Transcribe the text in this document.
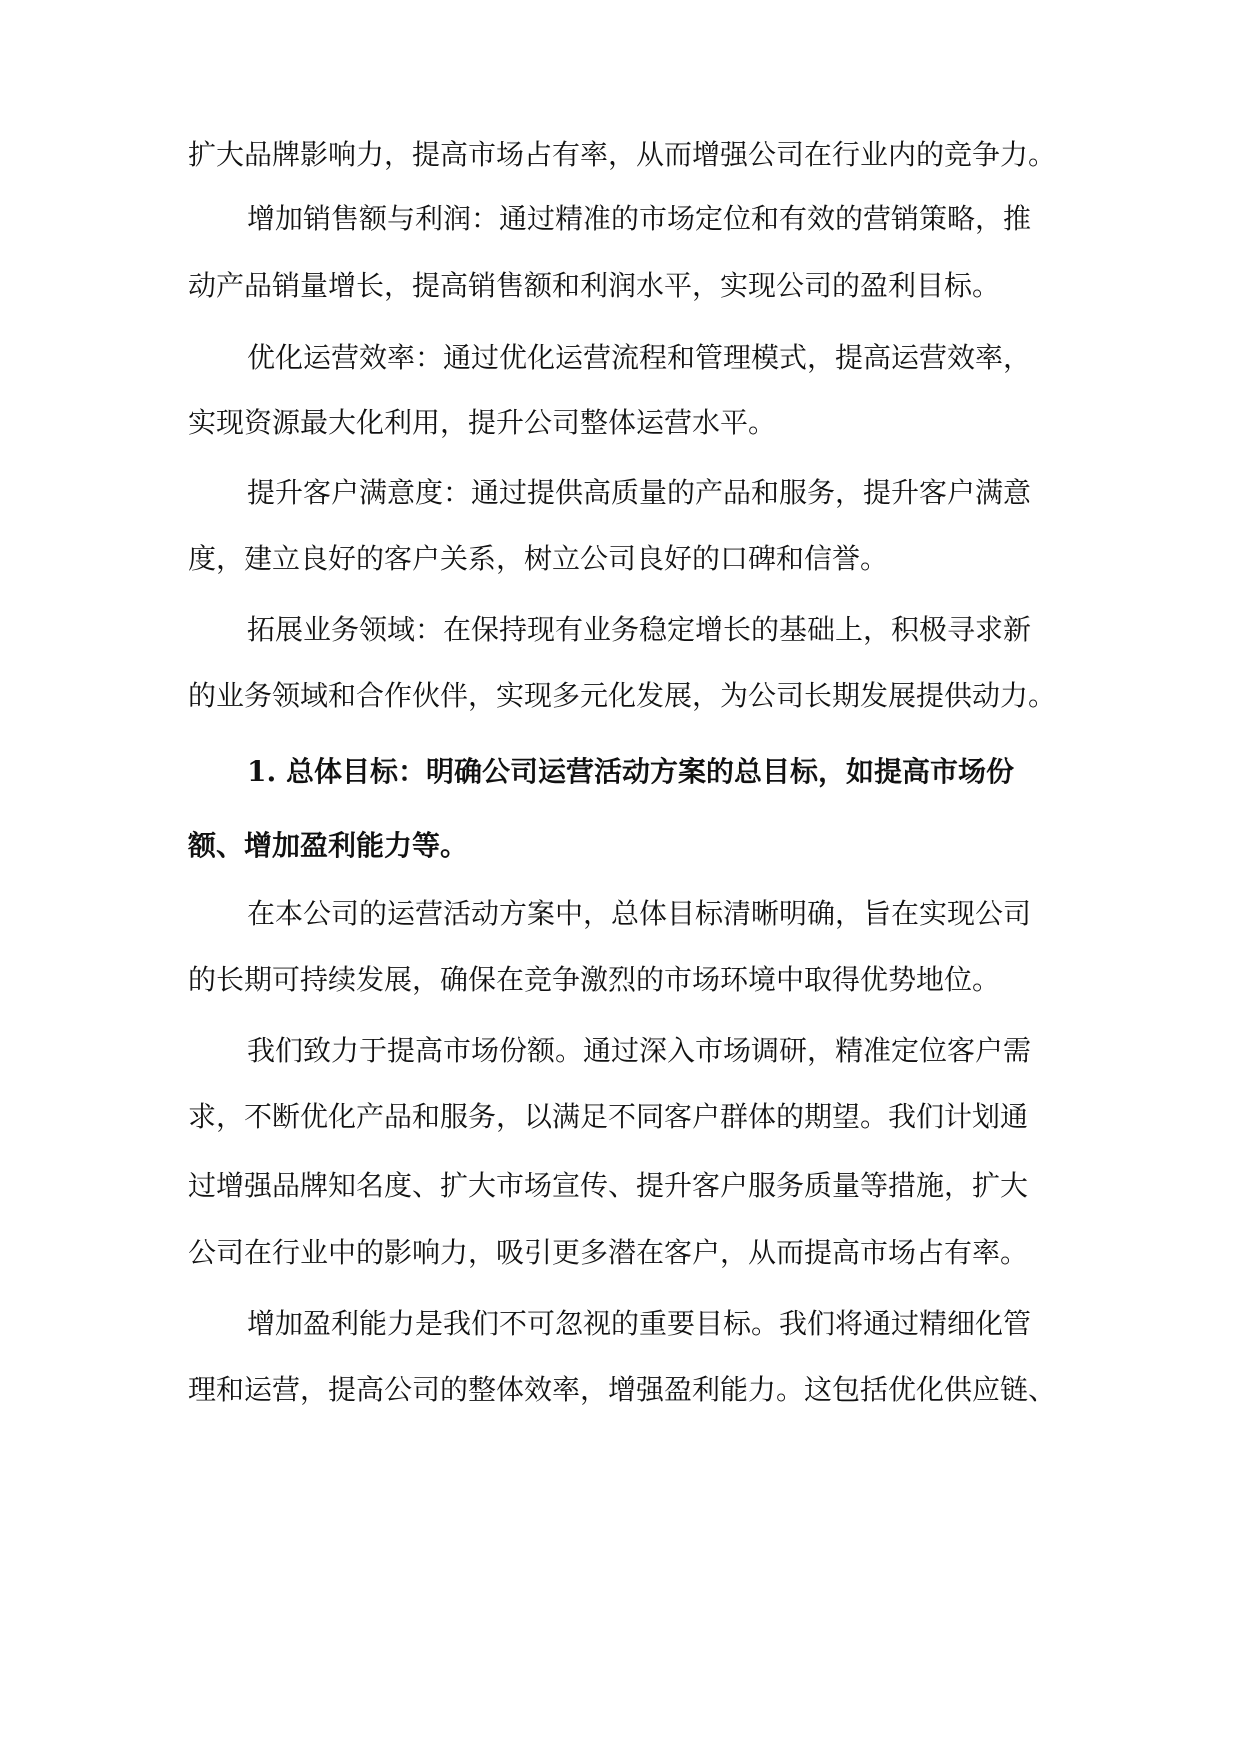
扩大品牌影响力，提高市场占有率，从而增强公司在行业内的竞争力。

增加销售额与利润：通过精准的市场定位和有效的营销策略，推

动产品销量增长，提高销售额和利润水平，实现公司的盈利目标。

优化运营效率：通过优化运营流程和管理模式，提高运营效率，

实现资源最大化利用，提升公司整体运营水平。

提升客户满意度：通过提供高质量的产品和服务，提升客户满意

度，建立良好的客户关系，树立公司良好的口碑和信誉。

拓展业务领域：在保持现有业务稳定增长的基础上，积极寻求新

的业务领域和合作伙伴，实现多元化发展，为公司长期发展提供动力。

1. 总体目标：明确公司运营活动方案的总目标，如提高市场份

额、增加盈利能力等。

在本公司的运营活动方案中，总体目标清晰明确，旨在实现公司

的长期可持续发展，确保在竞争激烈的市场环境中取得优势地位。

我们致力于提高市场份额。通过深入市场调研，精准定位客户需

求，不断优化产品和服务，以满足不同客户群体的期望。我们计划通

过增强品牌知名度、扩大市场宣传、提升客户服务质量等措施，扩大

公司在行业中的影响力，吸引更多潜在客户，从而提高市场占有率。

增加盈利能力是我们不可忽视的重要目标。我们将通过精细化管

理和运营，提高公司的整体效率，增强盈利能力。这包括优化供应链、
